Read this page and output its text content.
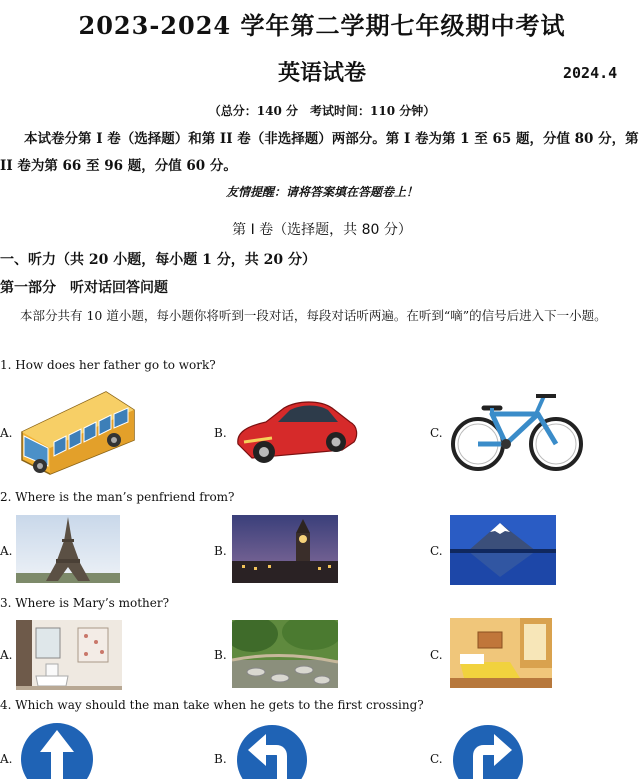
2023-2024 学年第二学期七年级期中考试
英语试卷	2024.4
（总分：140 分　考试时间：110 分钟）
本试卷分第 I 卷（选择题）和第 II 卷（非选择题）两部分。第 I 卷为第 1 至 65 题，分值 80 分，第 II 卷为第 66 至 96 题，分值 60 分。
友情提醒：请将答案填在答题卷上！
第 I 卷（选择题，共 80 分）
一、听力（共 20 小题，每小题 1 分，共 20 分）
第一部分　听对话回答问题
本部分共有 10 道小题，每小题你将听到一段对话，每段对话听两遍。在听到“嘀”的信号后进入下一小题。
1. How does her father go to work?
A.	B.	C.
2. Where is the man’s penfriend from?
A.	B.	C.
3. Where is Mary’s mother?
A.	B.	C.
4. Which way should the man take when he gets to the first crossing?
A.	B.	C.
